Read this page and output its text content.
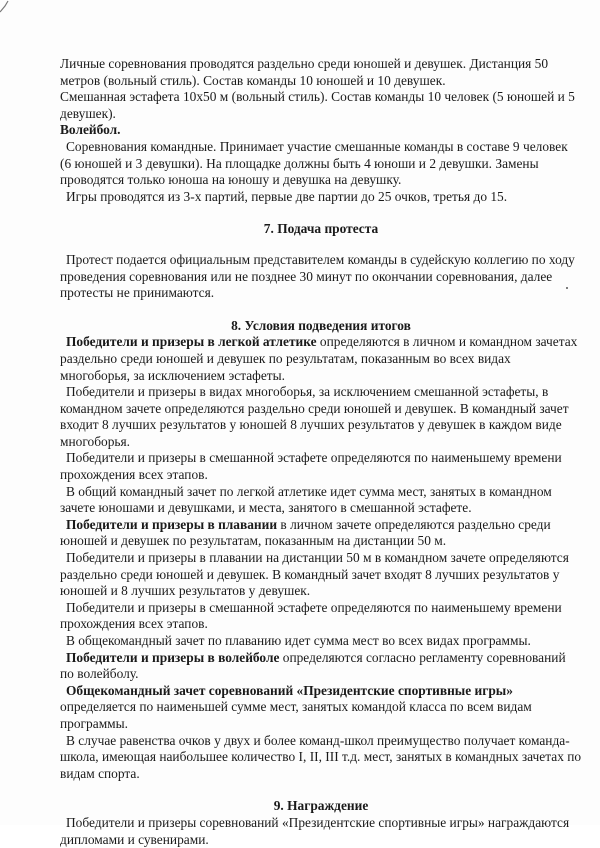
Личные соревнования проводятся раздельно среди юношей и девушек. Дистанция 50 метров (вольный стиль). Состав команды 10 юношей и 10 девушек.

Смешанная эстафета 10х50 м (вольный стиль). Состав команды 10 человек (5 юношей и 5 девушек).

Волейбол.

Соревнования командные. Принимает участие смешанные команды в составе 9 человек (6 юношей и 3 девушки). На площадке должны быть 4 юноши и 2 девушки. Замены проводятся только юноша на юношу и девушка на девушку.

Игры проводятся из 3-х партий, первые две партии до 25 очков, третья до 15.

7. Подача протеста

Протест подается официальным представителем команды в судейскую коллегию по ходу проведения соревнования или не позднее 30 минут по окончании соревнования, далее протесты не принимаются.

8. Условия подведения итогов

Победители и призеры в легкой атлетике определяются в личном и командном зачетах раздельно среди юношей и девушек по результатам, показанным во всех видах многоборья, за исключением эстафеты.

Победители и призеры в видах многоборья, за исключением смешанной эстафеты, в командном зачете определяются раздельно среди юношей и девушек. В командный зачет входит 8 лучших результатов у юношей 8 лучших результатов у девушек в каждом виде многоборья.

Победители и призеры в смешанной эстафете определяются по наименьшему времени прохождения всех этапов.

В общий командный зачет по легкой атлетике идет сумма мест, занятых в командном зачете юношами и девушками, и места, занятого в смешанной эстафете.

Победители и призеры в плавании в личном зачете определяются раздельно среди юношей и девушек по результатам, показанным на дистанции 50 м.

Победители и призеры в плавании на дистанции 50 м в командном зачете определяются раздельно среди юношей и девушек. В командный зачет входят 8 лучших результатов у юношей и 8 лучших результатов у девушек.

Победители и призеры в смешанной эстафете определяются по наименьшему времени прохождения всех этапов.

В общекомандный зачет по плаванию идет сумма мест во всех видах программы.

Победители и призеры в волейболе определяются согласно регламенту соревнований по волейболу.

Общекомандный зачет соревнований «Президентские спортивные игры» определяется по наименьшей сумме мест, занятых командой класса по всем видам программы.

В случае равенства очков у двух и более команд-школ преимущество получает команда-школа, имеющая наибольшее количество I, II, III т.д. мест, занятых в командных зачетах по видам спорта.

9. Награждение

Победители и призеры соревнований «Президентские спортивные игры» награждаются дипломами и сувенирами.
